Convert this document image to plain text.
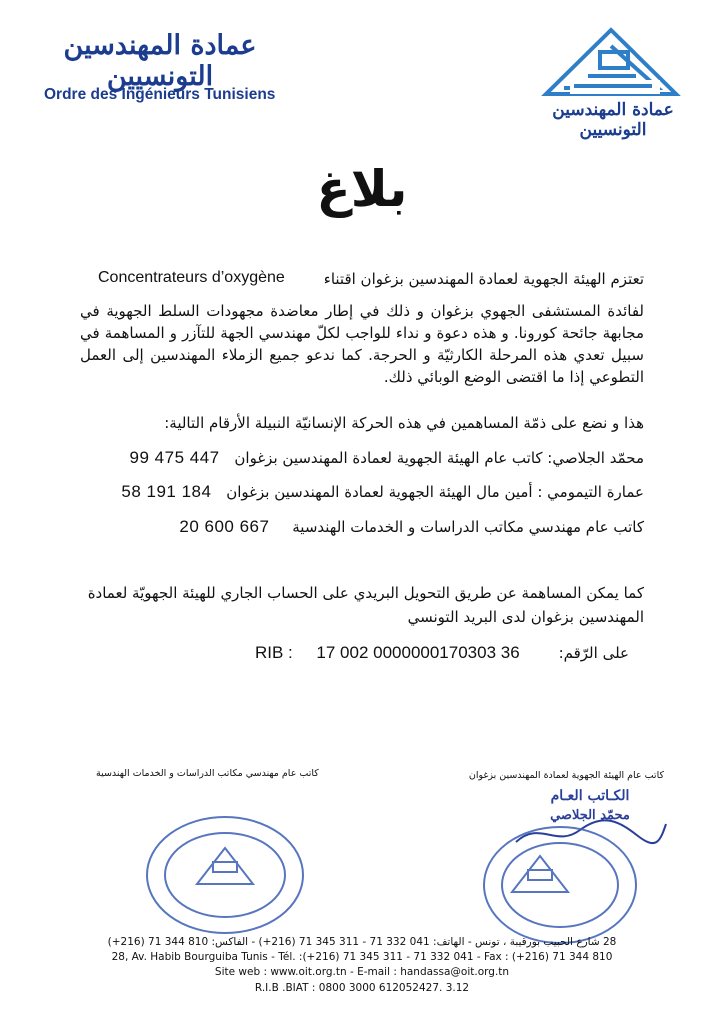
عمادة المهندسين التونسيين
Ordre des Ingénieurs Tunisiens
عمادة المهندسين التونسيين
بلاغ
تعتزم الهيئة الجهوية لعمادة المهندسين بزغوان اقتناء
Concentrateurs d’oxygène
لفائدة المستشفى الجهوي بزغوان و ذلك في إطار معاضدة مجهودات السلط الجهوية في مجابهة جائحة كورونا. و هذه دعوة و نداء للواجب لكلّ مهندسي الجهة للتآزر و المساهمة في سبيل تعدي هذه المرحلة الكارثيّة و الحرجة. كما ندعو جميع الزملاء المهندسين إلى العمل التطوعي إذا ما اقتضى الوضع الوبائي ذلك.
هذا و نضع على ذمّة المساهمين في هذه الحركة الإنسانيّة النبيلة الأرقام التالية:
محمّد الجلاصي: كاتب عام الهيئة الجهوية لعمادة المهندسين بزغوان 99 475 447
عمارة التيمومي : أمين مال الهيئة الجهوية لعمادة المهندسين بزغوان 58 191 184
كاتب عام مهندسي مكاتب الدراسات و الخدمات الهندسية 20 600 667
كما يمكن المساهمة عن طريق التحويل البريدي على الحساب الجاري للهيئة الجهويّة لعمادة
المهندسين بزغوان لدى البريد التونسي
على الرّقم:
RIB :     17 002 0000000170303 36
كاتب عام مهندسي مكاتب الدراسات و الخدمات الهندسية	كاتب عام الهيئة الجهوية لعمادة المهندسين بزغوان
الكـاتب العـام
محمّد الجلاصي
28 شارع الحبيب بورقيبة ، تونس - الهاتف: 041 332 71 - 311 345 71 (216+) - الفاكس: 810 344 71 (216+)
28, Av. Habib Bourguiba Tunis - Tél. :(+216) 71 345 311 - 71 332 041 - Fax : (+216) 71 344 810
Site web : www.oit.org.tn - E-mail : handassa@oit.org.tn
R.I.B .BIAT : 0800 3000 612052427. 3.12
